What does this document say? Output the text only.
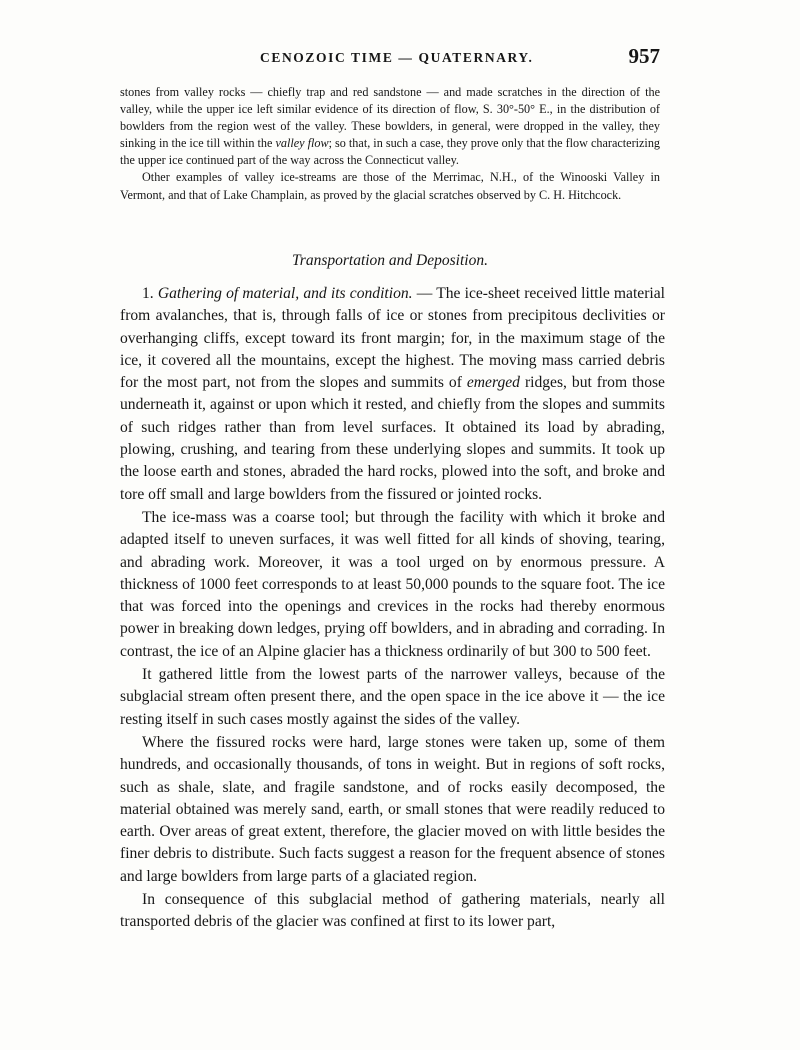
CENOZOIC TIME — QUATERNARY.	957

stones from valley rocks — chiefly trap and red sandstone — and made scratches in the direction of the valley, while the upper ice left similar evidence of its direction of flow, S. 30°-50° E., in the distribution of bowlders from the region west of the valley. These bowlders, in general, were dropped in the valley, they sinking in the ice till within the valley flow; so that, in such a case, they prove only that the flow characterizing the upper ice continued part of the way across the Connecticut valley.

Other examples of valley ice-streams are those of the Merrimac, N.H., of the Winooski Valley in Vermont, and that of Lake Champlain, as proved by the glacial scratches observed by C. H. Hitchcock.

Transportation and Deposition.

1. Gathering of material, and its condition. — The ice-sheet received little material from avalanches, that is, through falls of ice or stones from precipitous declivities or overhanging cliffs, except toward its front margin; for, in the maximum stage of the ice, it covered all the mountains, except the highest. The moving mass carried debris for the most part, not from the slopes and summits of emerged ridges, but from those underneath it, against or upon which it rested, and chiefly from the slopes and summits of such ridges rather than from level surfaces. It obtained its load by abrading, plowing, crushing, and tearing from these underlying slopes and summits. It took up the loose earth and stones, abraded the hard rocks, plowed into the soft, and broke and tore off small and large bowlders from the fissured or jointed rocks.

The ice-mass was a coarse tool; but through the facility with which it broke and adapted itself to uneven surfaces, it was well fitted for all kinds of shoving, tearing, and abrading work. Moreover, it was a tool urged on by enormous pressure. A thickness of 1000 feet corresponds to at least 50,000 pounds to the square foot. The ice that was forced into the openings and crevices in the rocks had thereby enormous power in breaking down ledges, prying off bowlders, and in abrading and corrading. In contrast, the ice of an Alpine glacier has a thickness ordinarily of but 300 to 500 feet.

It gathered little from the lowest parts of the narrower valleys, because of the subglacial stream often present there, and the open space in the ice above it — the ice resting itself in such cases mostly against the sides of the valley.

Where the fissured rocks were hard, large stones were taken up, some of them hundreds, and occasionally thousands, of tons in weight. But in regions of soft rocks, such as shale, slate, and fragile sandstone, and of rocks easily decomposed, the material obtained was merely sand, earth, or small stones that were readily reduced to earth. Over areas of great extent, therefore, the glacier moved on with little besides the finer debris to distribute. Such facts suggest a reason for the frequent absence of stones and large bowlders from large parts of a glaciated region.

In consequence of this subglacial method of gathering materials, nearly all transported debris of the glacier was confined at first to its lower part,
